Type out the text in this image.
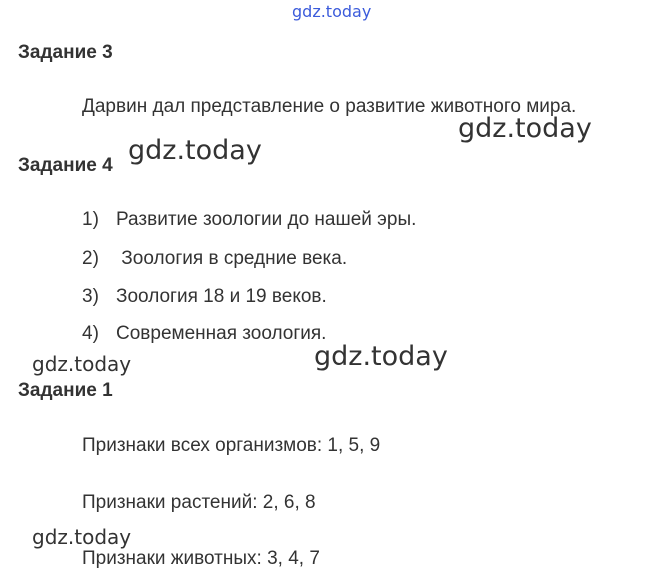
gdz.today
Задание 3
Дарвин дал представление о развитие животного мира.
gdz.today
Задание 4 gdz.today
1) Развитие зоологии до нашей эры.
2) Зоология в средние века.
3) Зоология 18 и 19 веков.
4) Современная зоология.
gdz.today	gdz.today
Задание 1
Признаки всех организмов: 1, 5, 9
Признаки растений: 2, 6, 8
gdz.today
Признаки животных: 3, 4, 7
